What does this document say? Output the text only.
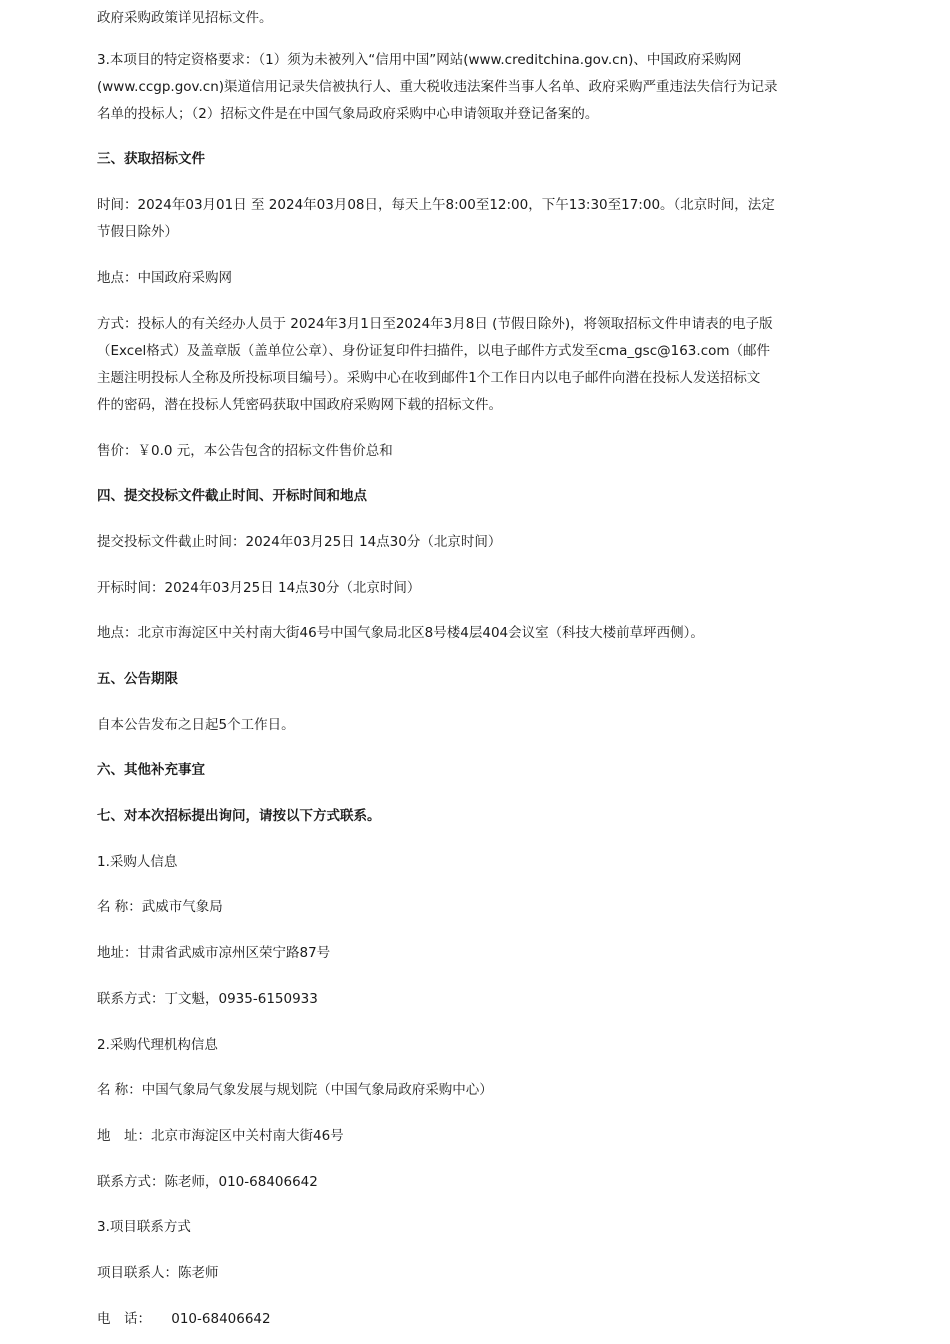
政府采购政策详见招标文件。
3.本项目的特定资格要求：（1）须为未被列入“信用中国”网站(www.creditchina.gov.cn)、中国政府采购网
(www.ccgp.gov.cn)渠道信用记录失信被执行人、重大税收违法案件当事人名单、政府采购严重违法失信行为记录
名单的投标人；（2）招标文件是在中国气象局政府采购中心申请领取并登记备案的。
三、获取招标文件
时间：2024年03月01日 至 2024年03月08日，每天上午8:00至12:00，下午13:30至17:00。（北京时间，法定
节假日除外）
地点：中国政府采购网
方式：投标人的有关经办人员于 2024年3月1日至2024年3月8日 (节假日除外)，将领取招标文件申请表的电子版
（Excel格式）及盖章版（盖单位公章）、身份证复印件扫描件，以电子邮件方式发至cma_gsc@163.com（邮件
主题注明投标人全称及所投标项目编号）。采购中心在收到邮件1个工作日内以电子邮件向潜在投标人发送招标文
件的密码，潜在投标人凭密码获取中国政府采购网下载的招标文件。
售价：￥0.0 元，本公告包含的招标文件售价总和
四、提交投标文件截止时间、开标时间和地点
提交投标文件截止时间：2024年03月25日 14点30分（北京时间）
开标时间：2024年03月25日 14点30分（北京时间）
地点：北京市海淀区中关村南大街46号中国气象局北区8号楼4层404会议室（科技大楼前草坪西侧）。
五、公告期限
自本公告发布之日起5个工作日。
六、其他补充事宜
七、对本次招标提出询问，请按以下方式联系。
1.采购人信息
名 称：武威市气象局
地址：甘肃省武威市凉州区荣宁路87号
联系方式：丁文魁，0935-6150933
2.采购代理机构信息
名 称：中国气象局气象发展与规划院（中国气象局政府采购中心）
地　址：北京市海淀区中关村南大街46号
联系方式：陈老师，010-68406642
3.项目联系方式
项目联系人：陈老师
电　话：　　010-68406642
